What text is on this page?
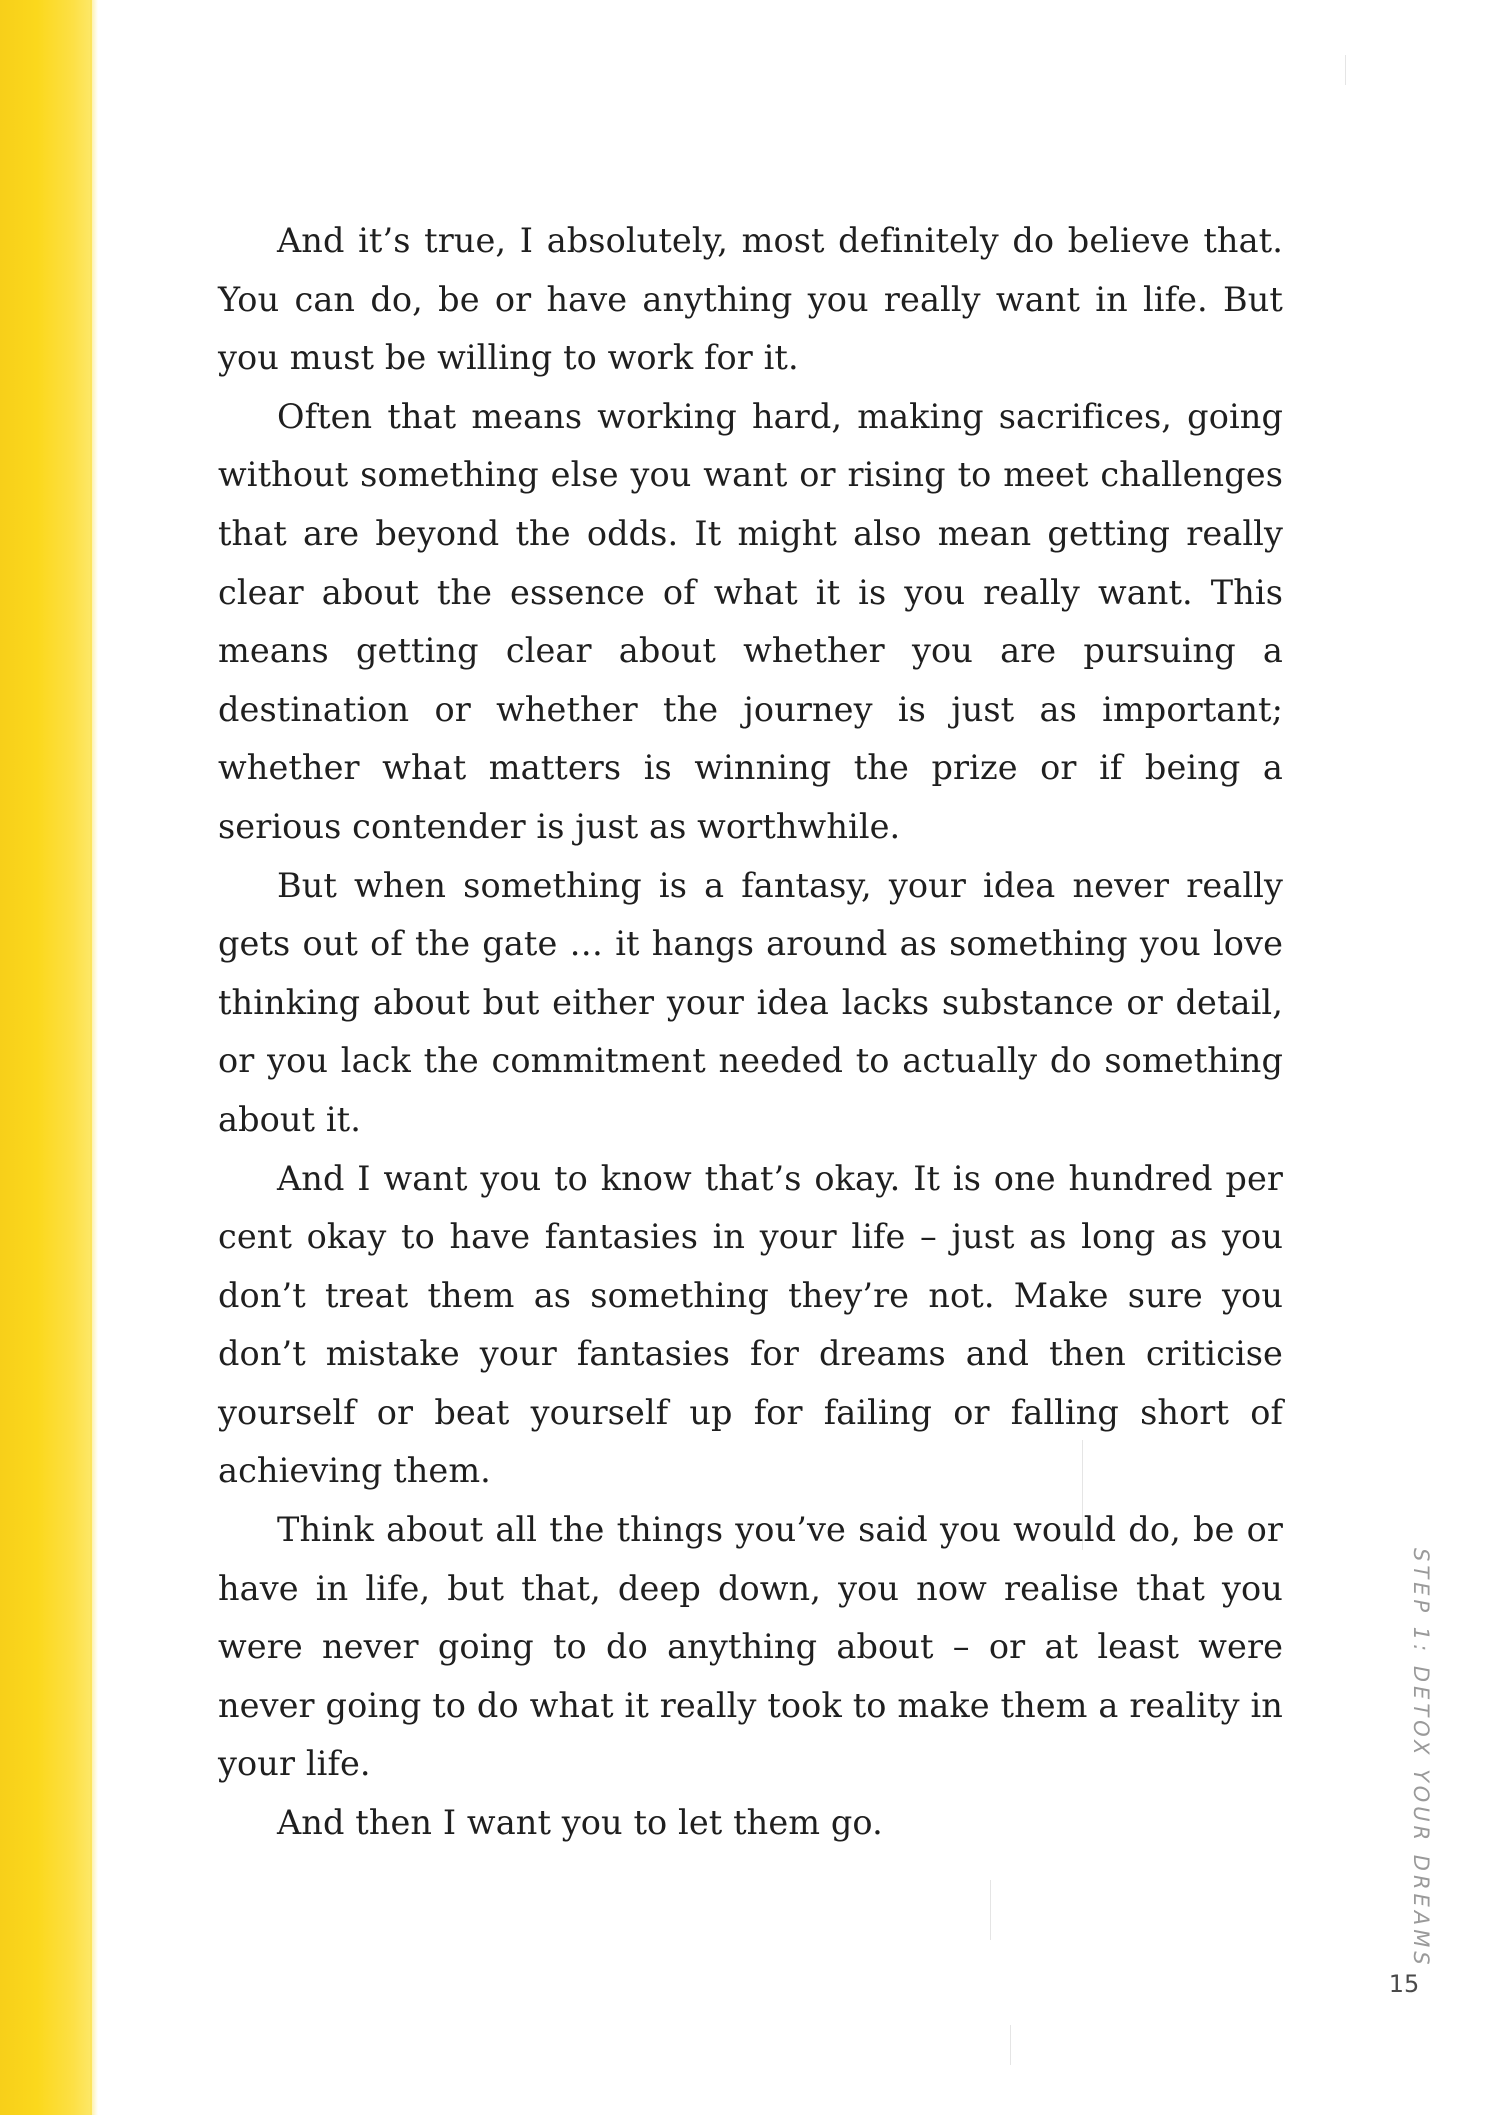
And it’s true, I absolutely, most definitely do believe that. You can do, be or have anything you really want in life. But you must be willing to work for it.

Often that means working hard, making sacrifices, going without something else you want or rising to meet challenges that are beyond the odds. It might also mean getting really clear about the essence of what it is you really want. This means getting clear about whether you are pursuing a destination or whether the journey is just as important; whether what matters is winning the prize or if being a serious contender is just as worthwhile.

But when something is a fantasy, your idea never really gets out of the gate … it hangs around as something you love thinking about but either your idea lacks substance or detail, or you lack the commitment needed to actually do something about it.

And I want you to know that’s okay. It is one hundred per cent okay to have fantasies in your life – just as long as you don’t treat them as something they’re not. Make sure you don’t mistake your fantasies for dreams and then criticise yourself or beat yourself up for failing or falling short of achieving them.

Think about all the things you’ve said you would do, be or have in life, but that, deep down, you now realise that you were never going to do anything about – or at least were never going to do what it really took to make them a reality in your life.

And then I want you to let them go.	STEP 1: DETOX YOUR DREAMS
15
